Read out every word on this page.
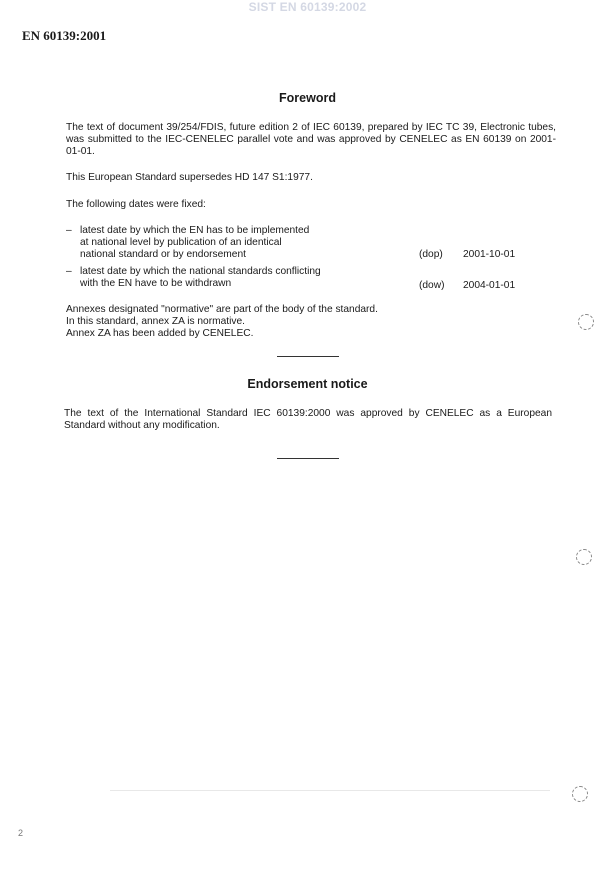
SIST EN 60139:2002
EN 60139:2001
Foreword
The text of document 39/254/FDIS, future edition 2 of IEC 60139, prepared by IEC TC 39, Electronic tubes, was submitted to the IEC-CENELEC parallel vote and was approved by CENELEC as EN 60139 on 2001-01-01.
This European Standard supersedes HD 147 S1:1977.
The following dates were fixed:
– latest date by which the EN has to be implemented
at national level by publication of an identical
national standard or by endorsement	(dop) 2001-10-01
– latest date by which the national standards conflicting
with the EN have to be withdrawn	(dow) 2004-01-01
Annexes designated "normative" are part of the body of the standard.
In this standard, annex ZA is normative.
Annex ZA has been added by CENELEC.
Endorsement notice
The text of the International Standard IEC 60139:2000 was approved by CENELEC as a European Standard without any modification.
2
